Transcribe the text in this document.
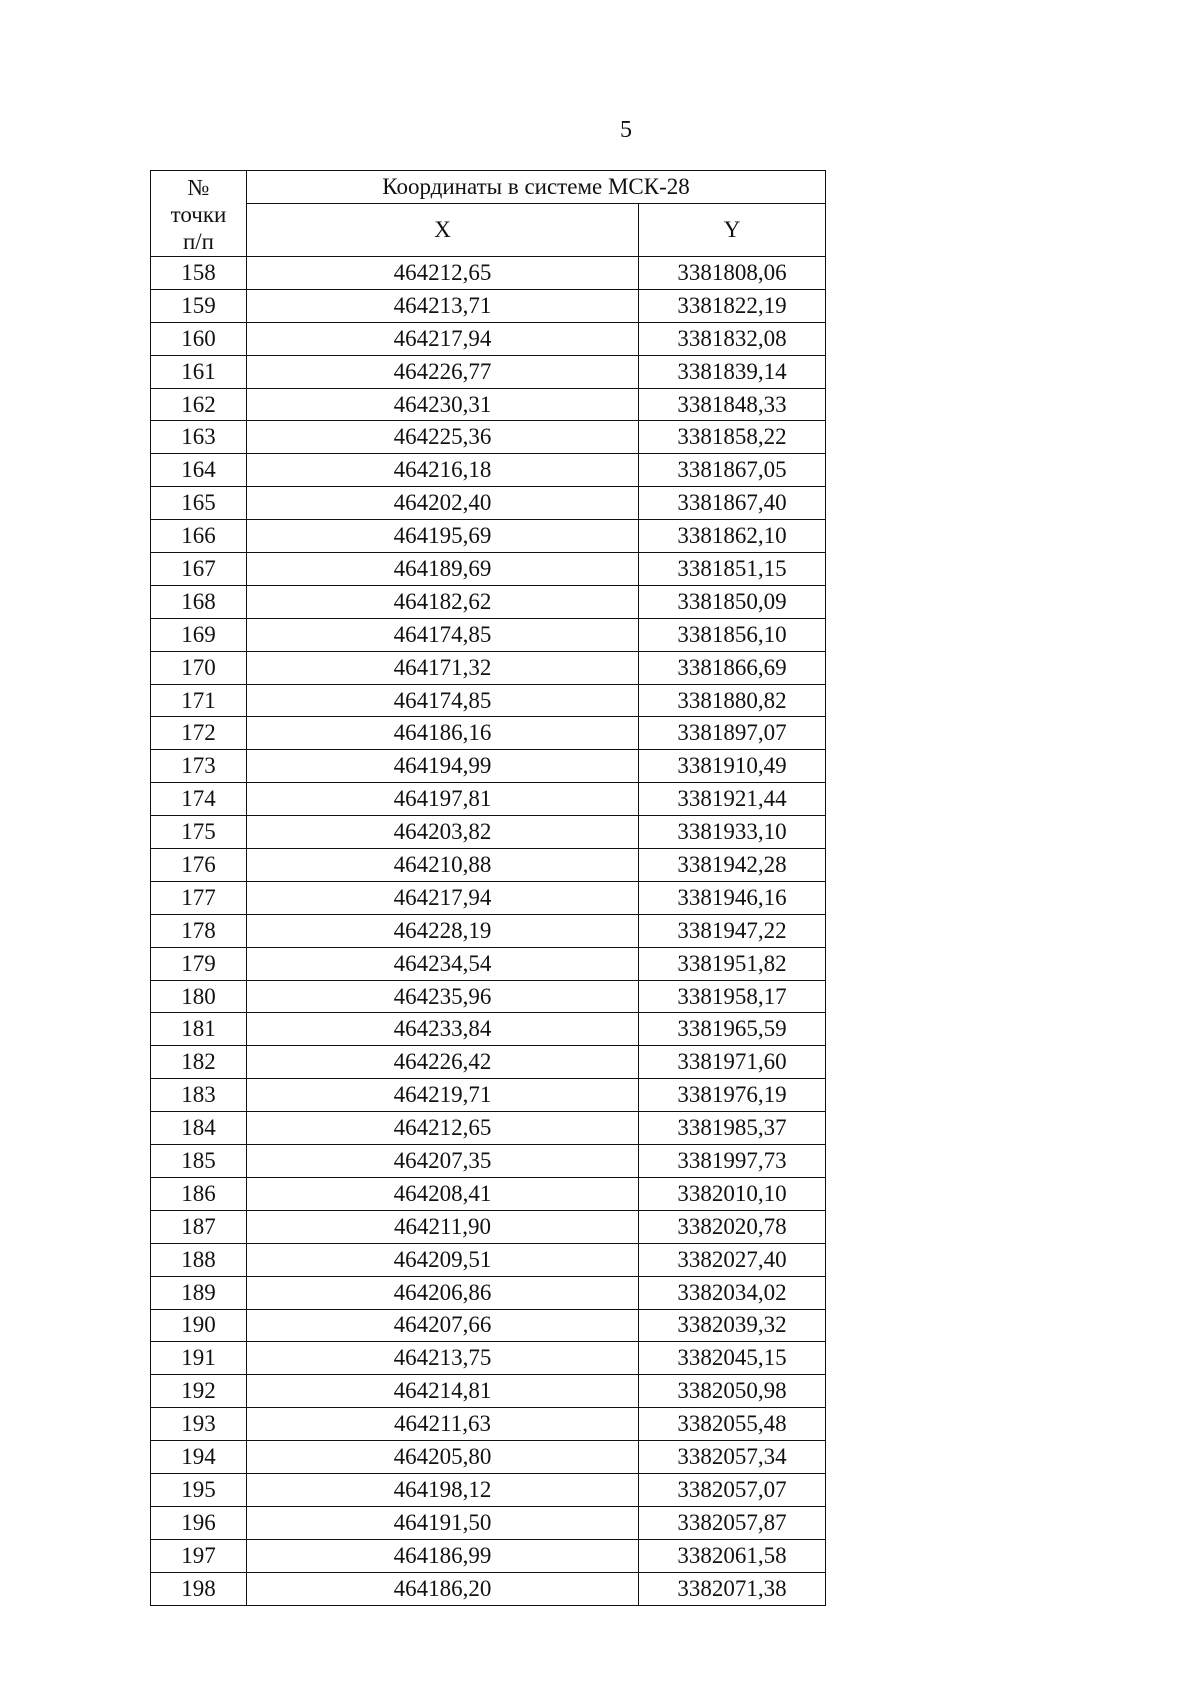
5
№
точки
п/п	Координаты в системе МСК-28	
	X	Y
158	464212,65	3381808,06
159	464213,71	3381822,19
160	464217,94	3381832,08
161	464226,77	3381839,14
162	464230,31	3381848,33
163	464225,36	3381858,22
164	464216,18	3381867,05
165	464202,40	3381867,40
166	464195,69	3381862,10
167	464189,69	3381851,15
168	464182,62	3381850,09
169	464174,85	3381856,10
170	464171,32	3381866,69
171	464174,85	3381880,82
172	464186,16	3381897,07
173	464194,99	3381910,49
174	464197,81	3381921,44
175	464203,82	3381933,10
176	464210,88	3381942,28
177	464217,94	3381946,16
178	464228,19	3381947,22
179	464234,54	3381951,82
180	464235,96	3381958,17
181	464233,84	3381965,59
182	464226,42	3381971,60
183	464219,71	3381976,19
184	464212,65	3381985,37
185	464207,35	3381997,73
186	464208,41	3382010,10
187	464211,90	3382020,78
188	464209,51	3382027,40
189	464206,86	3382034,02
190	464207,66	3382039,32
191	464213,75	3382045,15
192	464214,81	3382050,98
193	464211,63	3382055,48
194	464205,80	3382057,34
195	464198,12	3382057,07
196	464191,50	3382057,87
197	464186,99	3382061,58
198	464186,20	3382071,38
